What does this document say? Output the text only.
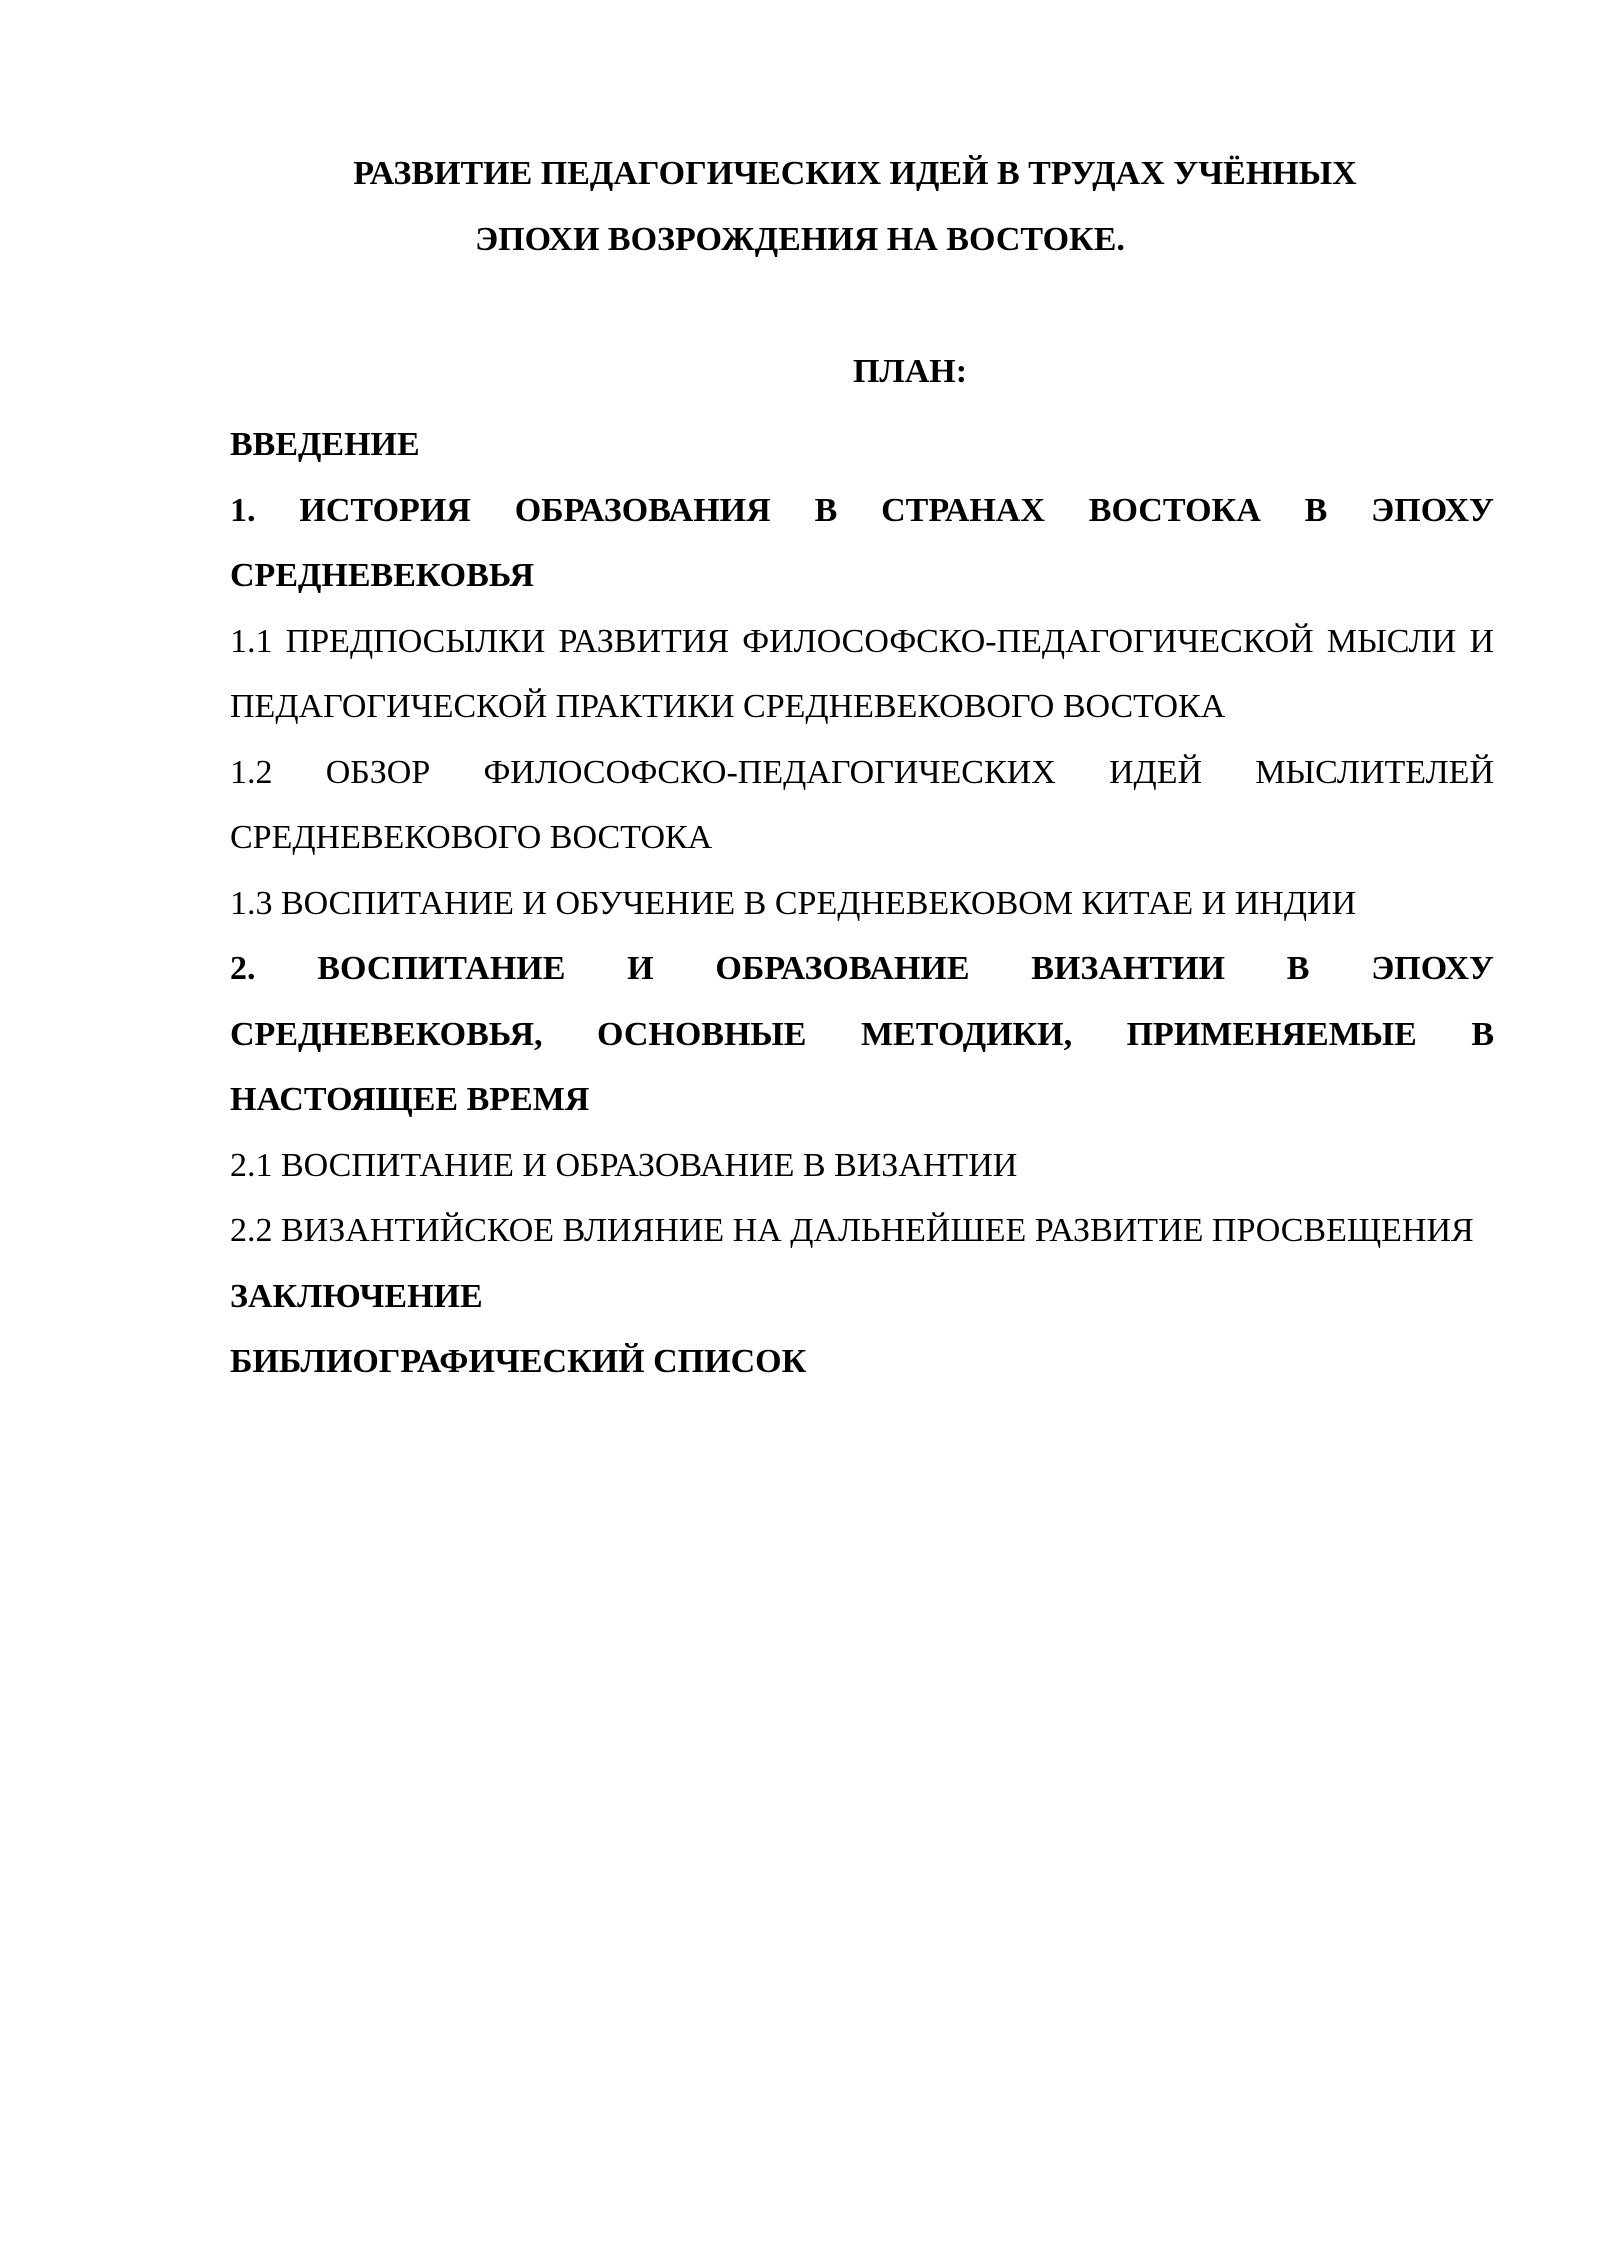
РАЗВИТИЕ ПЕДАГОГИЧЕСКИХ ИДЕЙ В ТРУДАХ УЧЁННЫХ
ЭПОХИ ВОЗРОЖДЕНИЯ НА ВОСТОКЕ.
ПЛАН:

ВВЕДЕНИЕ

1. ИСТОРИЯ ОБРАЗОВАНИЯ В СТРАНАХ ВОСТОКА В ЭПОХУ СРЕДНЕВЕКОВЬЯ

1.1 ПРЕДПОСЫЛКИ РАЗВИТИЯ ФИЛОСОФСКО-ПЕДАГОГИЧЕСКОЙ МЫСЛИ И ПЕДАГОГИЧЕСКОЙ ПРАКТИКИ СРЕДНЕВЕКОВОГО ВОСТОКА

1.2 ОБЗОР ФИЛОСОФСКО-ПЕДАГОГИЧЕСКИХ ИДЕЙ МЫСЛИТЕЛЕЙ СРЕДНЕВЕКОВОГО ВОСТОКА

1.3 ВОСПИТАНИЕ И ОБУЧЕНИЕ В СРЕДНЕВЕКОВОМ КИТАЕ И ИНДИИ

2. ВОСПИТАНИЕ И ОБРАЗОВАНИЕ ВИЗАНТИИ В ЭПОХУ СРЕДНЕВЕКОВЬЯ, ОСНОВНЫЕ МЕТОДИКИ, ПРИМЕНЯЕМЫЕ В НАСТОЯЩЕЕ ВРЕМЯ

2.1 ВОСПИТАНИЕ И ОБРАЗОВАНИЕ В ВИЗАНТИИ

2.2 ВИЗАНТИЙСКОЕ ВЛИЯНИЕ НА ДАЛЬНЕЙШЕЕ РАЗВИТИЕ ПРОСВЕЩЕНИЯ

ЗАКЛЮЧЕНИЕ

БИБЛИОГРАФИЧЕСКИЙ СПИСОК
